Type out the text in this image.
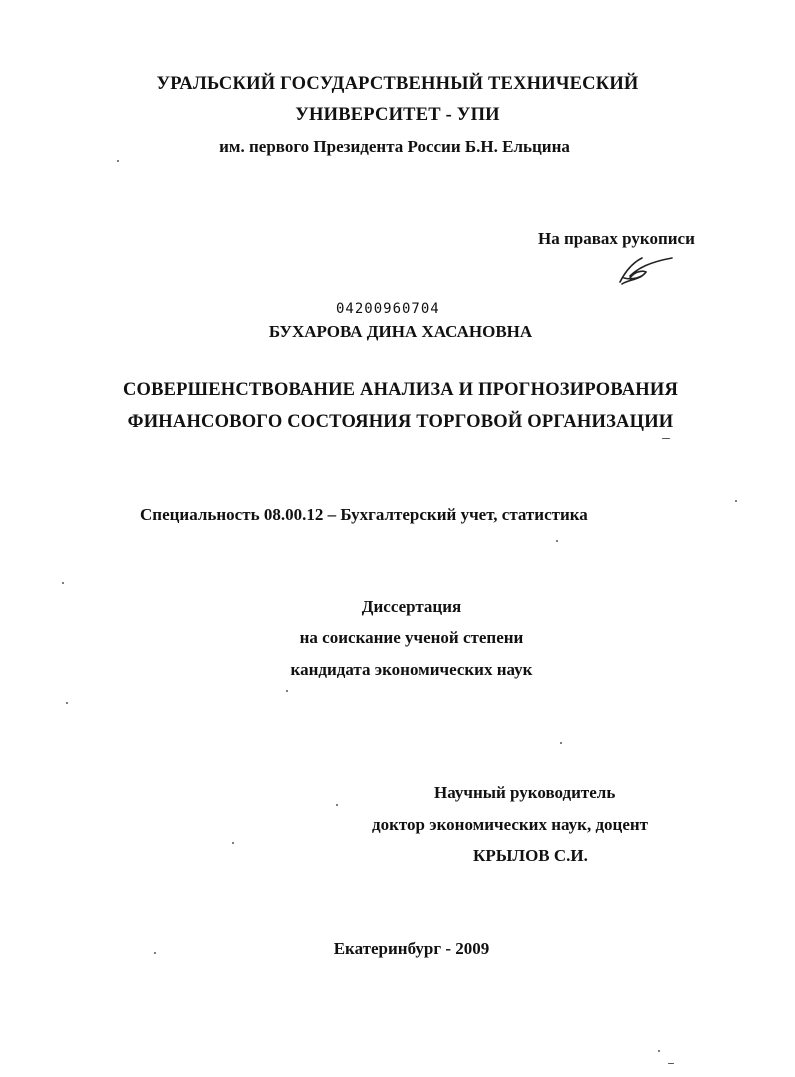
УРАЛЬСКИЙ ГОСУДАРСТВЕННЫЙ ТЕХНИЧЕСКИЙ
УНИВЕРСИТЕТ - УПИ
им. первого Президента России Б.Н. Ельцина
На правах рукописи
04200960704
БУХАРОВА ДИНА ХАСАНОВНА
СОВЕРШЕНСТВОВАНИЕ АНАЛИЗА И ПРОГНОЗИРОВАНИЯ
ФИНАНСОВОГО СОСТОЯНИЯ ТОРГОВОЙ ОРГАНИЗАЦИИ
Специальность 08.00.12 – Бухгалтерский учет, статистика
Диссертация
на соискание ученой степени
кандидата экономических наук
Научный руководитель
доктор экономических наук, доцент
КРЫЛОВ С.И.
Екатеринбург - 2009
